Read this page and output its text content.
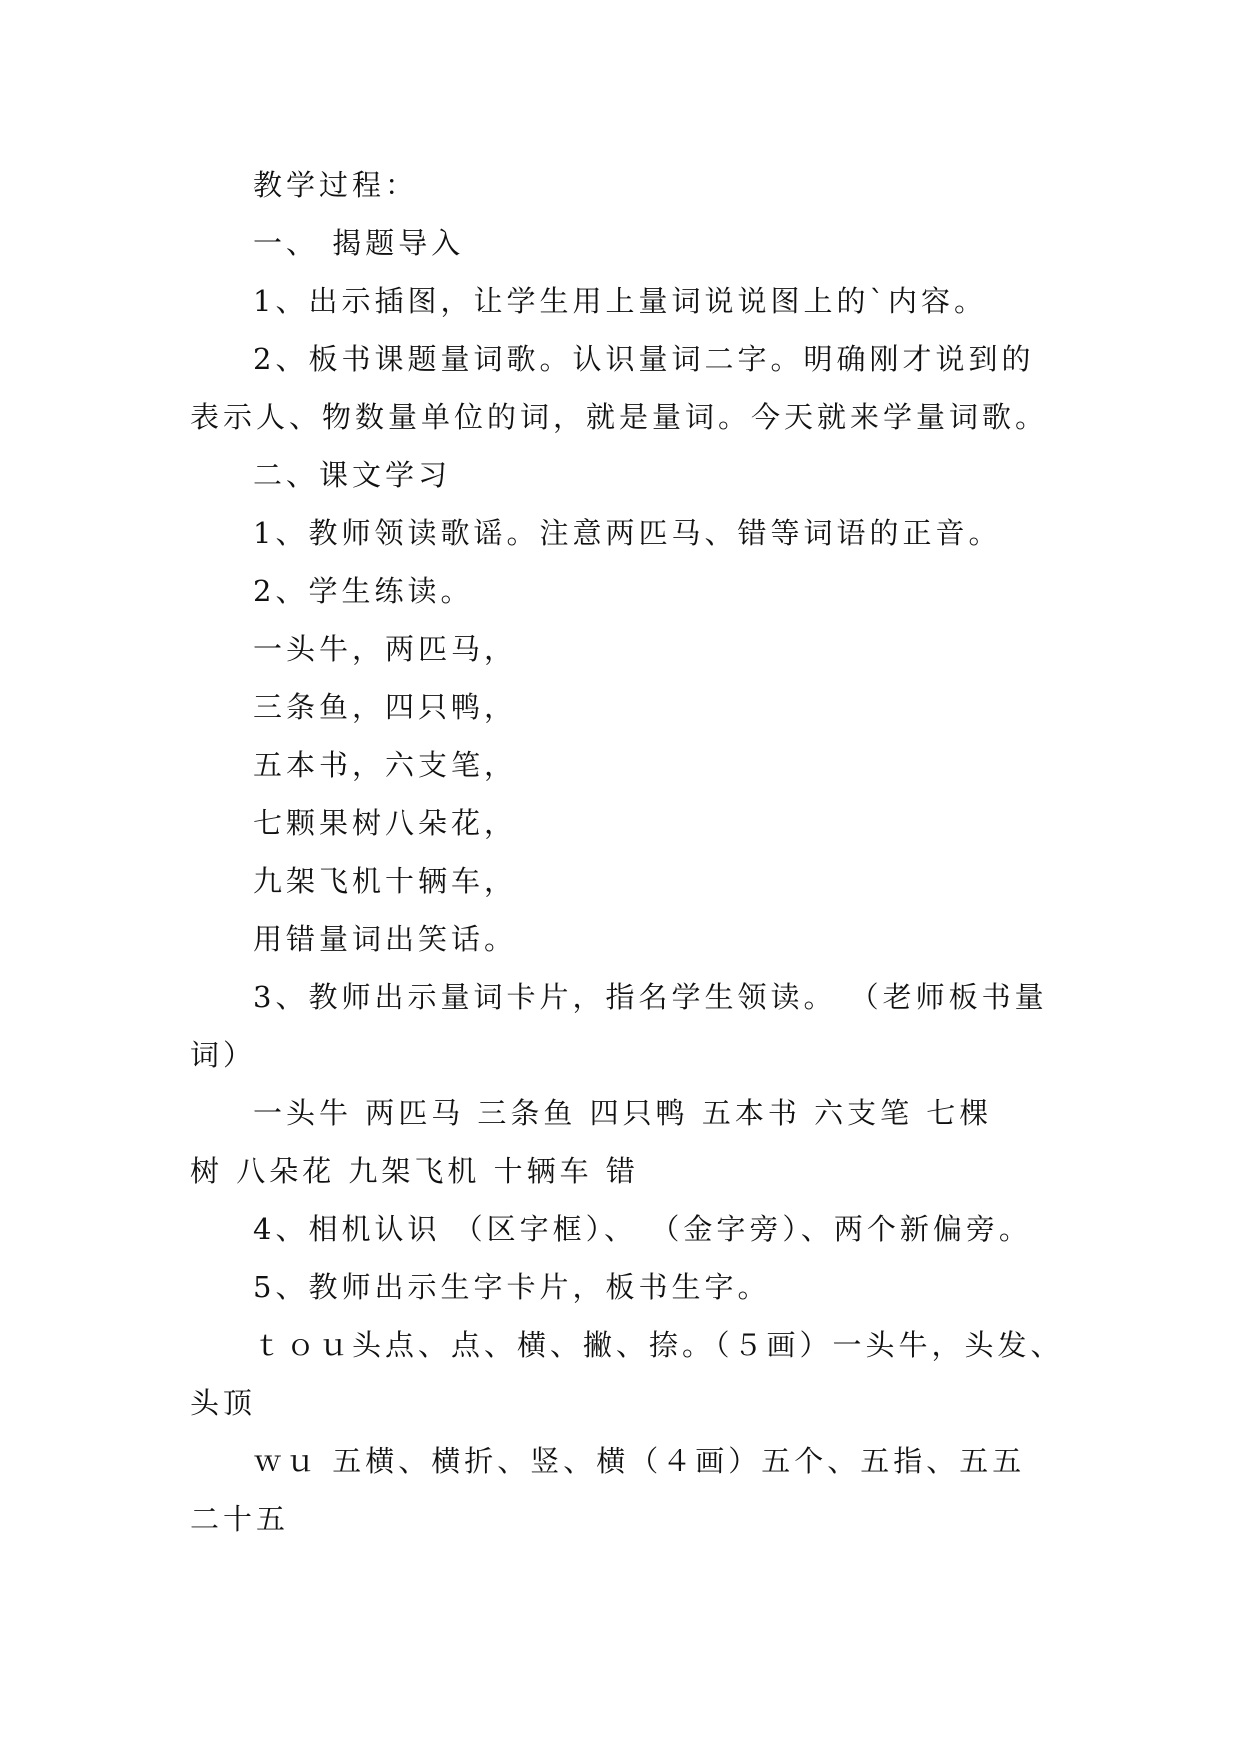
教学过程：

一、 揭题导入

1、出示插图，让学生用上量词说说图上的`内容。

2、板书课题量词歌。认识量词二字。明确刚才说到的

表示人、物数量单位的词，就是量词。今天就来学量词歌。

二、课文学习

1、教师领读歌谣。注意两匹马、错等词语的正音。

2、学生练读。

一头牛，两匹马，

三条鱼，四只鸭，

五本书，六支笔，

七颗果树八朵花，

九架飞机十辆车，

用错量词出笑话。

3、教师出示量词卡片，指名学生领读。 （老师板书量

词）

一头牛 两匹马 三条鱼 四只鸭 五本书 六支笔 七棵

树 八朵花 九架飞机 十辆车 错

4、相机认识 （区字框）、 （金字旁）、两个新偏旁。

5、教师出示生字卡片，板书生字。

ｔｏｕ头点、点、横、撇、捺。（５画）一头牛，头发、

头顶

ｗｕ 五横、横折、竖、横（４画）五个、五指、五五

二十五
